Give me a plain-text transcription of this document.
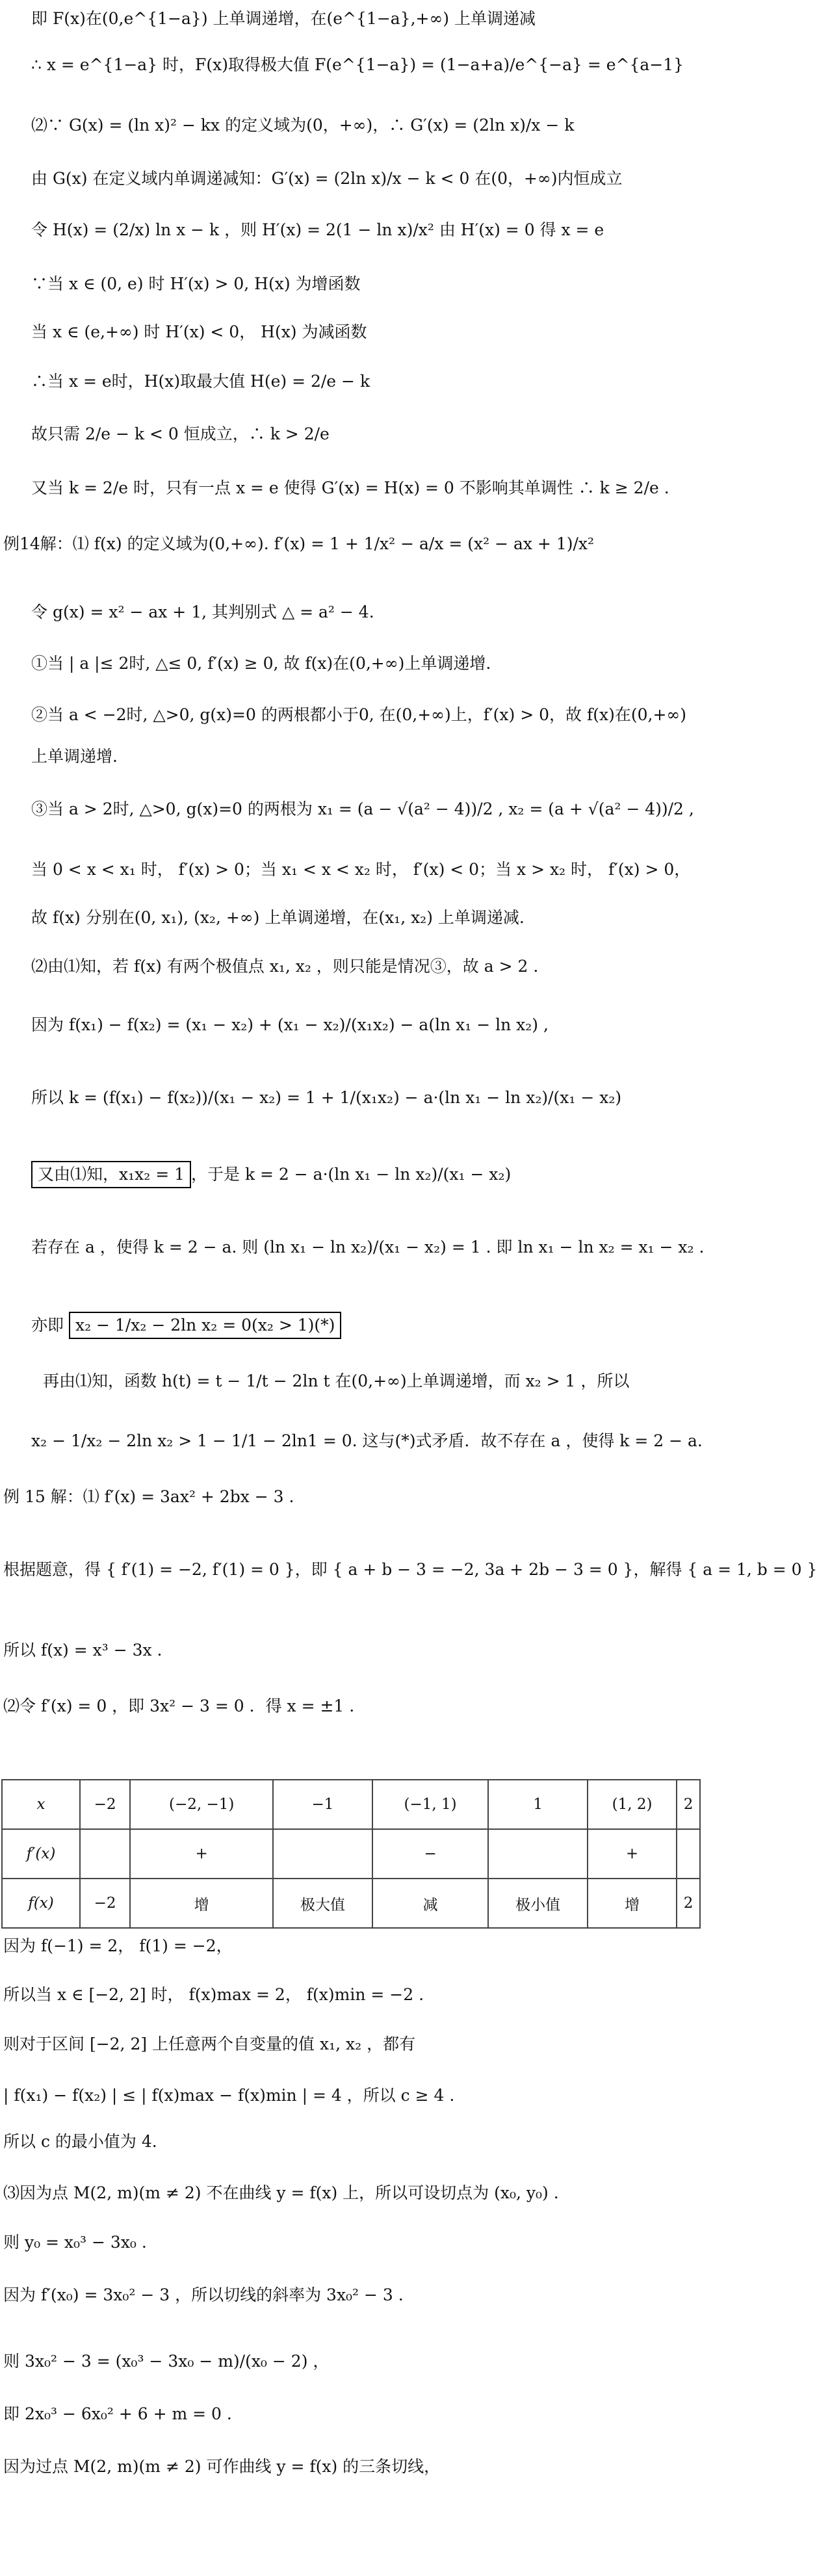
即 F(x)在(0,e^{1−a}) 上单调递增，在(e^{1−a},+∞) 上单调递减
∴ x = e^{1−a} 时，F(x)取得极大值 F(e^{1−a}) = (1−a+a)/e^{−a} = e^{a−1}
⑵∵ G(x) = (ln x)² − kx 的定义域为(0，+∞)，∴ G′(x) = (2ln x)/x − k
由 G(x) 在定义域内单调递减知：G′(x) = (2ln x)/x − k < 0 在(0，+∞)内恒成立
令 H(x) = (2/x) ln x − k ，则 H′(x) = 2(1 − ln x)/x² 由 H′(x) = 0 得 x = e
∵当 x ∈ (0, e) 时 H′(x) > 0, H(x) 为增函数
当 x ∈ (e,+∞) 时 H′(x) < 0， H(x) 为减函数
∴当 x = e时，H(x)取最大值 H(e) = 2/e − k
故只需 2/e − k < 0 恒成立，∴ k > 2/e
又当 k = 2/e 时，只有一点 x = e 使得 G′(x) = H(x) = 0 不影响其单调性 ∴ k ≥ 2/e .
例14解：⑴ f(x) 的定义域为(0,+∞). f′(x) = 1 + 1/x² − a/x = (x² − ax + 1)/x²
令 g(x) = x² − ax + 1, 其判别式 △ = a² − 4.
①当 | a |≤ 2时, △≤ 0, f′(x) ≥ 0, 故 f(x)在(0,+∞)上单调递增.
②当 a < −2时, △>0, g(x)=0 的两根都小于0, 在(0,+∞)上，f′(x) > 0，故 f(x)在(0,+∞)
上单调递增.
③当 a > 2时, △>0, g(x)=0 的两根为 x₁ = (a − √(a² − 4))/2 , x₂ = (a + √(a² − 4))/2 ,
当 0 < x < x₁ 时， f′(x) > 0；当 x₁ < x < x₂ 时， f′(x) < 0；当 x > x₂ 时， f′(x) > 0，
故 f(x) 分别在(0, x₁), (x₂, +∞) 上单调递增，在(x₁, x₂) 上单调递减.
⑵由⑴知，若 f(x) 有两个极值点 x₁, x₂ ，则只能是情况③，故 a > 2 .
因为 f(x₁) − f(x₂) = (x₁ − x₂) + (x₁ − x₂)/(x₁x₂) − a(ln x₁ − ln x₂) ,
所以 k = (f(x₁) − f(x₂))/(x₁ − x₂) = 1 + 1/(x₁x₂) − a·(ln x₁ − ln x₂)/(x₁ − x₂)
又由⑴知，x₁x₂ = 1 ，于是 k = 2 − a·(ln x₁ − ln x₂)/(x₁ − x₂)
若存在 a ，使得 k = 2 − a. 则 (ln x₁ − ln x₂)/(x₁ − x₂) = 1 . 即 ln x₁ − ln x₂ = x₁ − x₂ .
亦即 x₂ − 1/x₂ − 2ln x₂ = 0(x₂ > 1)(*)
再由⑴知，函数 h(t) = t − 1/t − 2ln t 在(0,+∞)上单调递增，而 x₂ > 1 ，所以
x₂ − 1/x₂ − 2ln x₂ > 1 − 1/1 − 2ln1 = 0. 这与(*)式矛盾．故不存在 a ，使得 k = 2 − a.
例 15 解：⑴ f′(x) = 3ax² + 2bx − 3 .
根据题意，得 { f′(1) = −2, f′(1) = 0 }，即 { a + b − 3 = −2, 3a + 2b − 3 = 0 }，解得 { a = 1, b = 0 }
所以 f(x) = x³ − 3x .
⑵令 f′(x) = 0 ，即 3x² − 3 = 0 ．得 x = ±1 .
x	−2	(−2, −1)	−1	(−1, 1)	1	(1, 2)	2
f′(x)		+		−		+	
f(x)	−2	增	极大值	减	极小值	增	2
因为 f(−1) = 2， f(1) = −2，
所以当 x ∈ [−2, 2] 时， f(x)max = 2， f(x)min = −2 .
则对于区间 [−2, 2] 上任意两个自变量的值 x₁, x₂ ，都有
| f(x₁) − f(x₂) | ≤ | f(x)max − f(x)min | = 4 ，所以 c ≥ 4 .
所以 c 的最小值为 4.
⑶因为点 M(2, m)(m ≠ 2) 不在曲线 y = f(x) 上，所以可设切点为 (x₀, y₀) .
则 y₀ = x₀³ − 3x₀ .
因为 f′(x₀) = 3x₀² − 3 ，所以切线的斜率为 3x₀² − 3 .
则 3x₀² − 3 = (x₀³ − 3x₀ − m)/(x₀ − 2) ，
即 2x₀³ − 6x₀² + 6 + m = 0 .
因为过点 M(2, m)(m ≠ 2) 可作曲线 y = f(x) 的三条切线，
